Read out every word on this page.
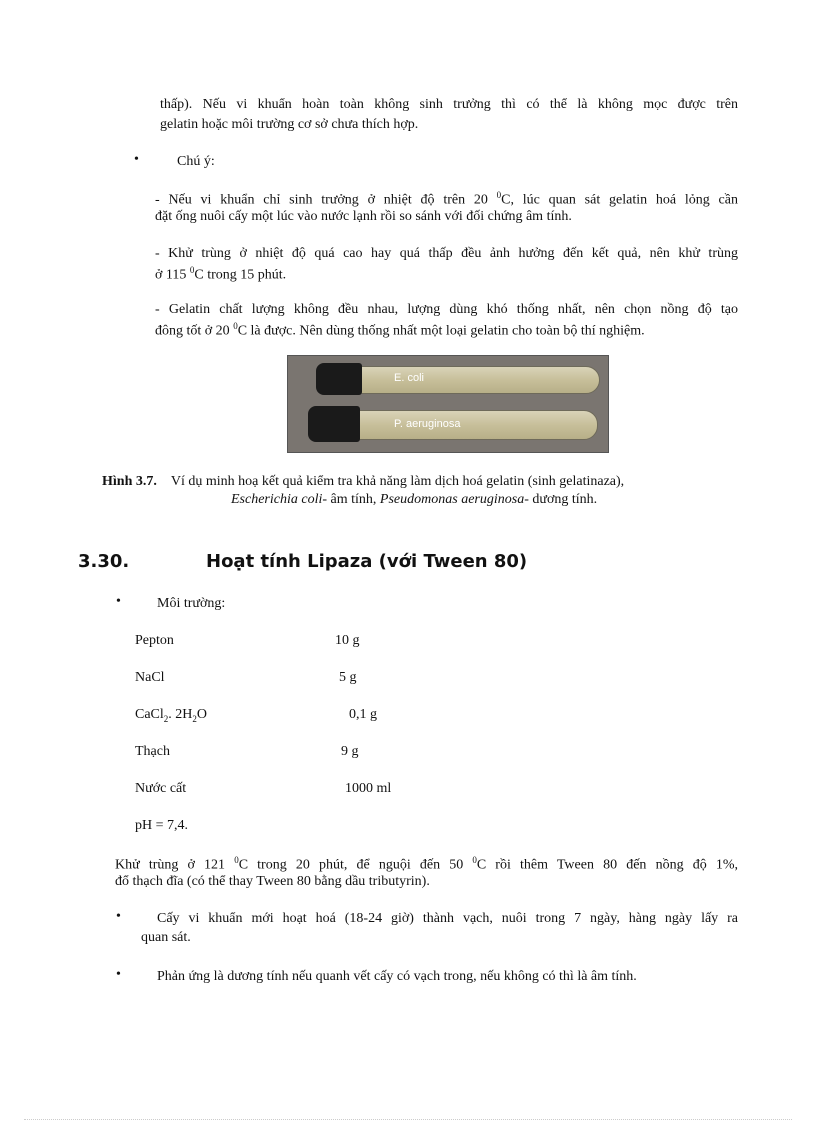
thấp). Nếu vi khuẩn hoàn toàn không sinh trưởng thì có thể là không mọc được trên
gelatin hoặc môi trường cơ sở chưa thích hợp.
•	Chú ý:
- Nếu vi khuẩn chỉ sinh trưởng ở nhiệt độ trên 20 $^0$C, lúc quan sát gelatin hoá lỏng cần
đặt ống nuôi cấy một lúc vào nước lạnh rồi so sánh với đối chứng âm tính.
- Khử trùng ở nhiệt độ quá cao hay quá thấp đều ảnh hưởng đến kết quả, nên khử trùng
ở 115 $^0$C trong 15 phút.
- Gelatin chất lượng không đều nhau, lượng dùng khó thống nhất, nên chọn nồng độ tạo
đông tốt ở 20 $^0$C là được. Nên dùng thống nhất một loại gelatin cho toàn bộ thí nghiệm.
E. coli
P. aeruginosa
Hình 3.7. Ví dụ minh hoạ kết quả kiểm tra khả năng làm dịch hoá gelatin (sinh gelatinaza),
Escherichia coli- âm tính, Pseudomonas aeruginosa- dương tính.
3.30.	Hoạt tính Lipaza (với Tween 80)
•	Môi trường:
Pepton	10 g
NaCl	5 g
CaCl$_2$. $2H_2O$	0,1 g
Thạch	9 g
Nước cất	1000 ml
pH = 7,4.
Khử trùng ở 121 $^0$C trong 20 phút, để nguội đến 50 $^0$C rồi thêm Tween 80 đến nồng độ 1%,
đổ thạch đĩa (có thể thay Tween 80 bằng dầu tributyrin).
•	Cấy vi khuẩn mới hoạt hoá (18-24 giờ) thành vạch, nuôi trong 7 ngày, hàng ngày lấy ra
quan sát.
•	Phản ứng là dương tính nếu quanh vết cấy có vạch trong, nếu không có thì là âm tính.
